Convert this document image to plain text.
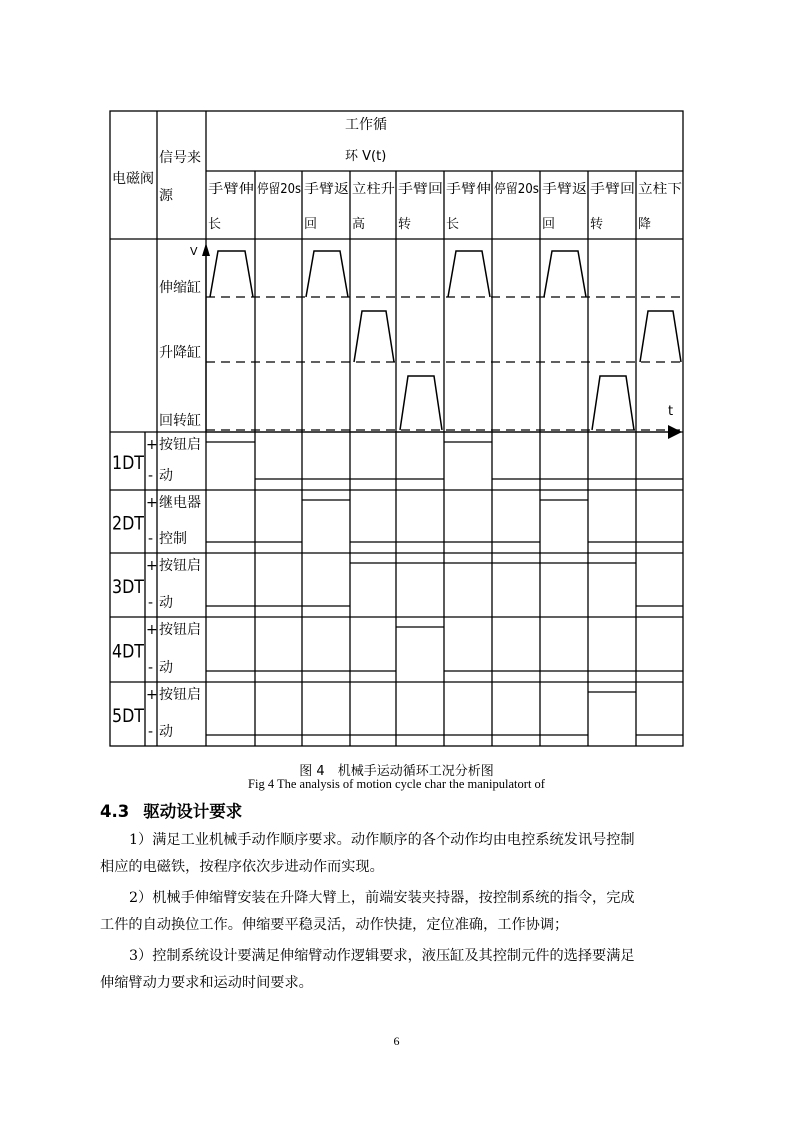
电磁阀
信号来
源
工作循
环 V(t)
手臂伸
长
停留20s 手臂返
回
立柱升
高
手臂回
转
手臂伸
长
停留20s 手臂返
回
手臂回
转
立柱下
降
V
t
伸缩缸
升降缸
回转缸
1DT
+
-
按钮启
动
2DT
+
-
继电器
控制
3DT
+
-
按钮启
动
4DT
+
-
按钮启
动
5DT
+
-
按钮启
动
图 4　机械手运动循环工况分析图
Fig 4 The analysis of motion cycle char the manipulatort of
4.3 驱动设计要求
1）满足工业机械手动作顺序要求。动作顺序的各个动作均由电控系统发讯号控制
相应的电磁铁，按程序依次步进动作而实现。
2）机械手伸缩臂安装在升降大臂上，前端安装夹持器，按控制系统的指令，完成
工件的自动换位工作。伸缩要平稳灵活，动作快捷，定位准确，工作协调；
3）控制系统设计要满足伸缩臂动作逻辑要求，液压缸及其控制元件的选择要满足
伸缩臂动力要求和运动时间要求。
6
